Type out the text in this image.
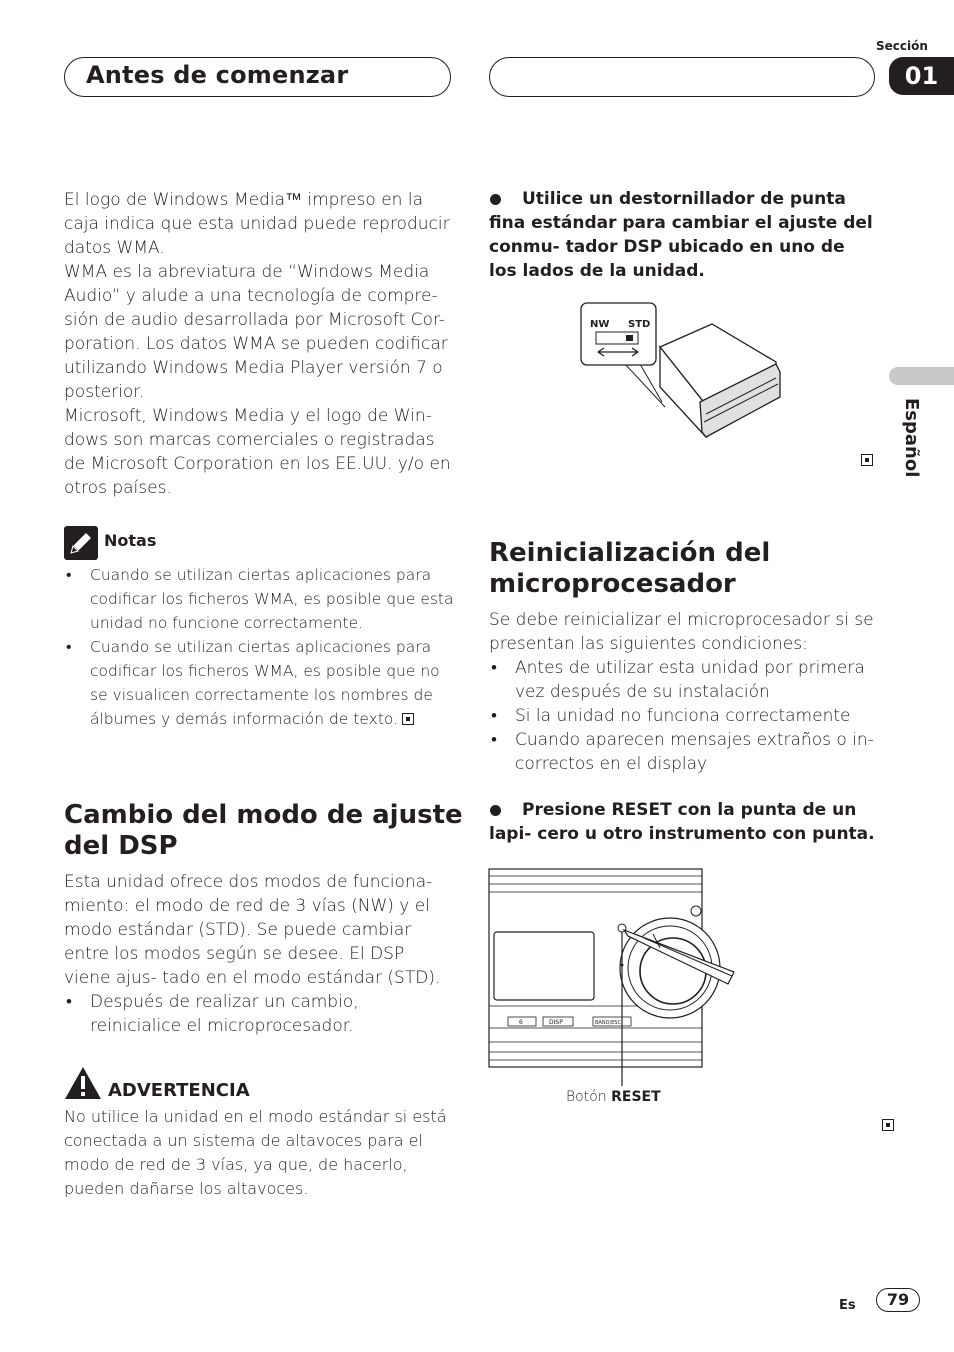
Antes de comenzar
Sección
01
Español

El logo de Windows Media™ impreso en la caja indica que esta unidad puede reproducir datos WMA.

WMA es la abreviatura de “Windows Media Audio” y alude a una tecnología de compre- sión de audio desarrollada por Microsoft Cor- poration. Los datos WMA se pueden codificar utilizando Windows Media Player versión 7 o posterior.

Microsoft, Windows Media y el logo de Win- dows son marcas comerciales o registradas de Microsoft Corporation en los EE.UU. y/o en otros países.

Notas
• Cuando se utilizan ciertas aplicaciones para codificar los ficheros WMA, es posible que esta unidad no funcione correctamente.
• Cuando se utilizan ciertas aplicaciones para codificar los ficheros WMA, es posible que no se visualicen correctamente los nombres de álbumes y demás información de texto.
Cambio del modo de ajuste del DSP
Esta unidad ofrece dos modos de funciona- miento: el modo de red de 3 vías (NW) y el modo estándar (STD). Se puede cambiar entre los modos según se desee. El DSP viene ajus- tado en el modo estándar (STD).
• Después de realizar un cambio, reinicialice el microprocesador.
ADVERTENCIA
No utilice la unidad en el modo estándar si está conectada a un sistema de altavoces para el modo de red de 3 vías, ya que, de hacerlo, pueden dañarse los altavoces.
Utilice un destornillador de punta fina estándar para cambiar el ajuste del conmu- tador DSP ubicado en uno de los lados de la unidad.
NW STD

Reinicialización del microprocesador
Se debe reinicializar el microprocesador si se presentan las siguientes condiciones:
• Antes de utilizar esta unidad por primera vez después de su instalación
• Si la unidad no funciona correctamente
• Cuando aparecen mensajes extraños o in- correctos en el display
Presione RESET con la punta de un lapi- cero u otro instrumento con punta.
6	DISP	BAND/ESC
Botón RESET
Es	79
